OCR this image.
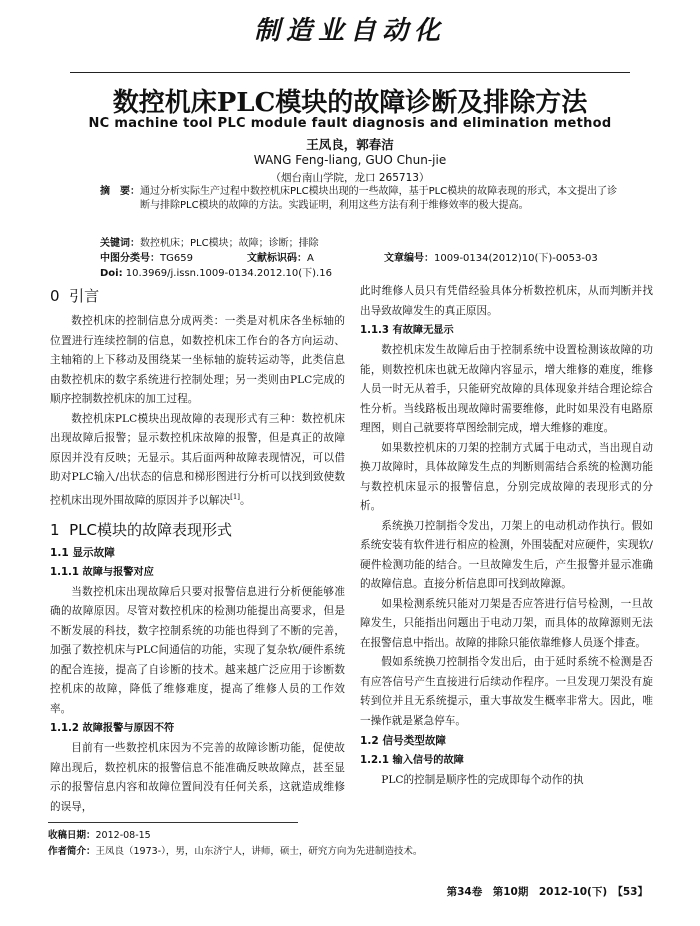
制造业自动化
数控机床PLC模块的故障诊断及排除方法
NC machine tool PLC module fault diagnosis and elimination method
王凤良，郭春洁
WANG Feng-liang, GUO Chun-jie
（烟台南山学院，龙口 265713）
摘　要： 通过分析实际生产过程中数控机床PLC模块出现的一些故障，基于PLC模块的故障表现的形式，本文提出了诊断与排除PLC模块的故障的方法。实践证明，利用这些方法有利于维修效率的极大提高。
关键词：数控机床；PLC模块；故障；诊断；排除
中图分类号：TG659	文献标识码：A	文章编号：1009-0134(2012)10(下)-0053-03
Doi: 10.3969/j.issn.1009-0134.2012.10(下).16
0 引言

数控机床的控制信息分成两类：一类是对机床各坐标轴的位置进行连续控制的信息，如数控机床工作台的各方向运动、主轴箱的上下移动及围绕某一坐标轴的旋转运动等，此类信息由数控机床的数字系统进行控制处理；另一类则由PLC完成的顺序控制数控机床的加工过程。

数控机床PLC模块出现故障的表现形式有三种：数控机床出现故障后报警；显示数控机床故障的报警，但是真正的故障原因并没有反映；无显示。其后面两种故障表现情况，可以借助对PLC输入/出状态的信息和梯形图进行分析可以找到致使数控机床出现外围故障的原因并予以解决[1]。

1 PLC模块的故障表现形式
1.1 显示故障
1.1.1 故障与报警对应

当数控机床出现故障后只要对报警信息进行分析便能够准确的故障原因。尽管对数控机床的检测功能提出高要求，但是不断发展的科技，数字控制系统的功能也得到了不断的完善，加强了数控机床与PLC间通信的功能，实现了复杂软/硬件系统的配合连接，提高了自诊断的技术。越来越广泛应用于诊断数控机床的故障，降低了维修难度，提高了维修人员的工作效率。

1.1.2 故障报警与原因不符

目前有一些数控机床因为不完善的故障诊断功能，促使故障出现后，数控机床的报警信息不能准确反映故障点，甚至显示的报警信息内容和故障位置间没有任何关系，这就造成维修的误导，

此时维修人员只有凭借经验具体分析数控机床，从而判断并找出导致故障发生的真正原因。

1.1.3 有故障无显示

数控机床发生故障后由于控制系统中设置检测该故障的功能，则数控机床也就无故障内容显示，增大维修的难度，维修人员一时无从着手，只能研究故障的具体现象并结合理论综合性分析。当线路板出现故障时需要维修，此时如果没有电路原理图，则自己就要将草图绘制完成，增大维修的难度。

如果数控机床的刀架的控制方式属于电动式，当出现自动换刀故障时，具体故障发生点的判断则需结合系统的检测功能与数控机床显示的报警信息，分别完成故障的表现形式的分析。

系统换刀控制指令发出，刀架上的电动机动作执行。假如系统安装有软件进行相应的检测，外围装配对应硬件，实现软/硬件检测功能的结合。一旦故障发生后，产生报警并显示准确的故障信息。直接分析信息即可找到故障源。

如果检测系统只能对刀架是否应答进行信号检测，一旦故障发生，只能指出问题出于电动刀架，而具体的故障源则无法在报警信息中指出。故障的排除只能依靠维修人员逐个排查。

假如系统换刀控制指令发出后，由于延时系统不检测是否有应答信号产生直接进行后续动作程序。一旦发现刀架没有旋转到位并且无系统提示，重大事故发生概率非常大。因此，唯一操作就是紧急停车。

1.2 信号类型故障
1.2.1 输入信号的故障

PLC的控制是顺序性的完成即每个动作的执

收稿日期：2012-08-15
作者简介：王凤良（1973-），男，山东济宁人，讲师，硕士，研究方向为先进制造技术。
第34卷　第10期　2012-10(下)　【53】
